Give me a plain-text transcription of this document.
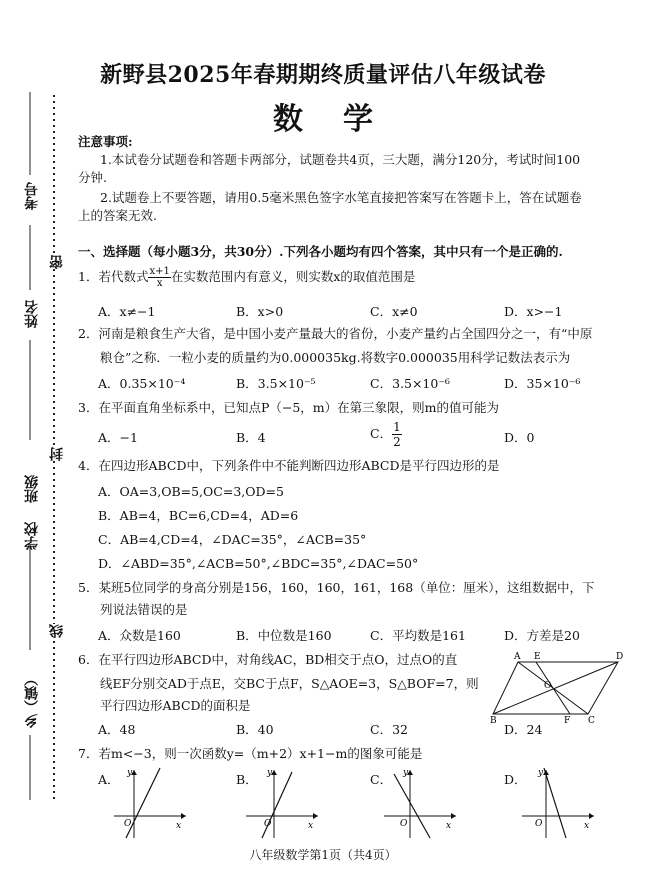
新野县2025年春期期终质量评估八年级试卷
数学
考号
姓名
班级
学校
乡（镇）
密
封
线
注意事项:
1.本试卷分试题卷和答题卡两部分，试题卷共4页，三大题，满分120分，考试时间100
分钟.
2.试题卷上不要答题，请用0.5毫米黑色签字水笔直接把答案写在答题卡上，答在试题卷
上的答案无效.
一、选择题（每小题3分，共30分）.下列各小题均有四个答案，其中只有一个是正确的.
1．若代数式 $\frac{x+1}{x}$ 在实数范围内有意义，则实数x的取值范围是
A．x≠−1	B．x>0	C．x≠0	D．x>−1
2．河南是粮食生产大省，是中国小麦产量最大的省份，小麦产量约占全国四分之一，有“中原
粮仓”之称．一粒小麦的质量约为0.000035kg.将数字0.000035用科学记数法表示为
A．0.35×10⁻⁴	B．3.5×10⁻⁵	C．3.5×10⁻⁶	D．35×10⁻⁶
3．在平面直角坐标系中，已知点P（−5，m）在第三象限，则m的值可能为
A．−1	B．4	C． $\frac{1}{2}$	D．0
4．在四边形ABCD中，下列条件中不能判断四边形ABCD是平行四边形的是
A．OA=3,OB=5,OC=3,OD=5
B．AB=4，BC=6,CD=4，AD=6
C．AB=4,CD=4，∠DAC=35°，∠ACB=35°
D．∠ABD=35°,∠ACB=50°,∠BDC=35°,∠DAC=50°
5．某班5位同学的身高分别是156，160，160，161，168（单位：厘米），这组数据中，下
列说法错误的是
A．众数是160	B．中位数是160	C．平均数是161	D．方差是20
6．在平行四边形ABCD中，对角线AC，BD相交于点O，过点O的直
线EF分别交AD于点E，交BC于点F，S△AOE=3，S△BOF=7，则
平行四边形ABCD的面积是
A．48	B．40	C．32	D．24
A E	D
O
B	F C
7．若m<−3，则一次函数y=（m+2）x+1−m的图象可能是
A．	B．	C．	D．
x
y
O	x
y
O	x
y
O	x
y
O
八年级数学第1页（共4页）
